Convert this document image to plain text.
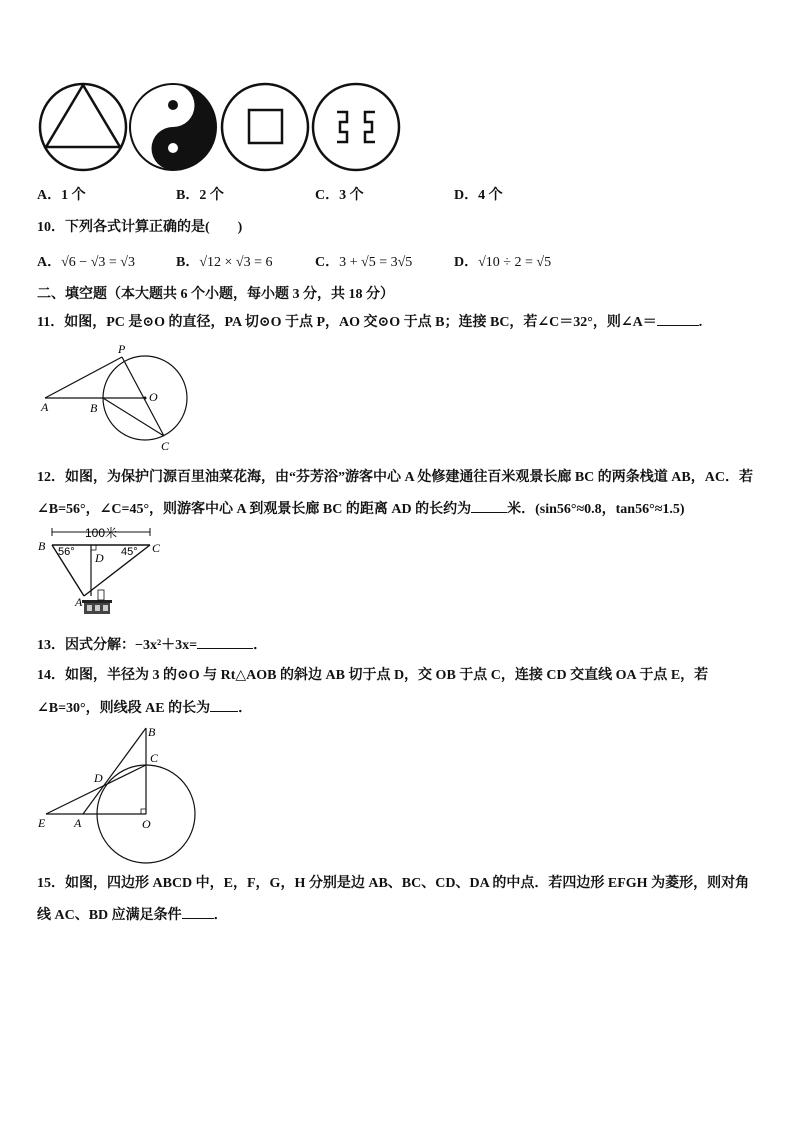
A．1 个	B．2 个	C．3 个	D．4 个
10．下列各式计算正确的是(　　)
A．√6 − √3 = √3	B．√12 × √3 = 6	C．3 + √5 = 3√5	D．√10 ÷ 2 = √5
二、填空题（本大题共 6 个小题，每小题 3 分，共 18 分）
11．如图，PC 是⊙O 的直径，PA 切⊙O 于点 P，AO 交⊙O 于点 B；连接 BC，若∠C＝32°，则∠A＝	.
P
O
A	B
C
12．如图，为保护门源百里油菜花海，由“芬芳浴”游客中心 A 处修建通往百米观景长廊 BC 的两条栈道 AB，AC．若
∠B=56°，∠C=45°，则游客中心 A 到观景长廊 BC 的距离 AD 的长约为	米．(sin56°≈0.8，tan56°≈1.5)
100米
B	C
56°	45°
D
A
13．因式分解：−3x²＋3x=	．
14．如图，半径为 3 的⊙O 与 Rt△AOB 的斜边 AB 切于点 D，交 OB 于点 C，连接 CD 交直线 OA 于点 E，若
∠B=30°，则线段 AE 的长为 ．
B
C
D
E A	O
15．如图，四边形 ABCD 中，E，F，G，H 分别是边 AB、BC、CD、DA 的中点．若四边形 EFGH 为菱形，则对角
线 AC、BD 应满足条件 ．
